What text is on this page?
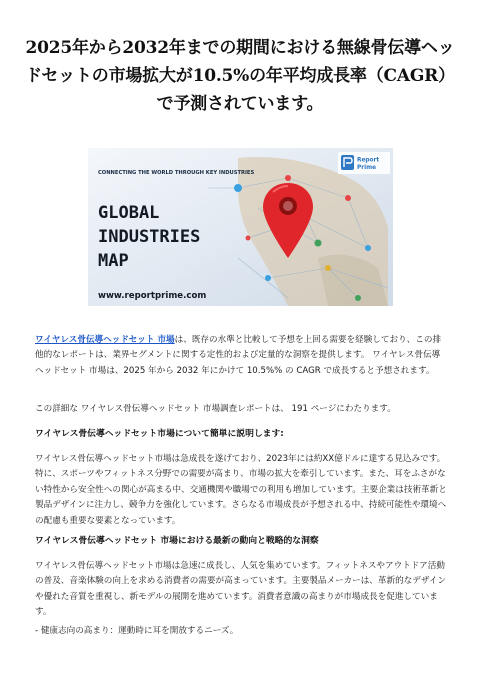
2025年から2032年までの期間における無線骨伝導ヘッドセットの市場拡大が10.5%の年平均成長率（CAGR）で予測されています。
CONNECTING THE WORLD THROUGH KEY INDUSTRIES
GLOBAL
INDUSTRIES
MAP
www.reportprime.com
Report
Prime

ワイヤレス骨伝導ヘッドセット 市場は、既存の水準と比較して予想を上回る需要を経験しており、この排他的なレポートは、業界セグメントに関する定性的および定量的な洞察を提供します。 ワイヤレス骨伝導ヘッドセット 市場は、2025 年から 2032 年にかけて 10.5%% の CAGR で成長すると予想されます。

この詳細な ワイヤレス骨伝導ヘッドセット 市場調査レポートは、 191 ページにわたります。

ワイヤレス骨伝導ヘッドセット市場について簡単に説明します:

ワイヤレス骨伝導ヘッドセット市場は急成長を遂げており、2023年には約XX億ドルに達する見込みです。特に、スポーツやフィットネス分野での需要が高まり、市場の拡大を牽引しています。また、耳をふさがない特性から安全性への関心が高まる中、交通機関や職場での利用も増加しています。主要企業は技術革新と製品デザインに注力し、競争力を強化しています。さらなる市場成長が予想される中、持続可能性や環境への配慮も重要な要素となっています。

ワイヤレス骨伝導ヘッドセット 市場における最新の動向と戦略的な洞察

ワイヤレス骨伝導ヘッドセット市場は急速に成長し、人気を集めています。フィットネスやアウトドア活動の普及、音楽体験の向上を求める消費者の需要が高まっています。主要製品メーカーは、革新的なデザインや優れた音質を重視し、新モデルの展開を進めています。消費者意識の高まりが市場成長を促進しています。

- 健康志向の高まり：運動時に耳を開放するニーズ。
